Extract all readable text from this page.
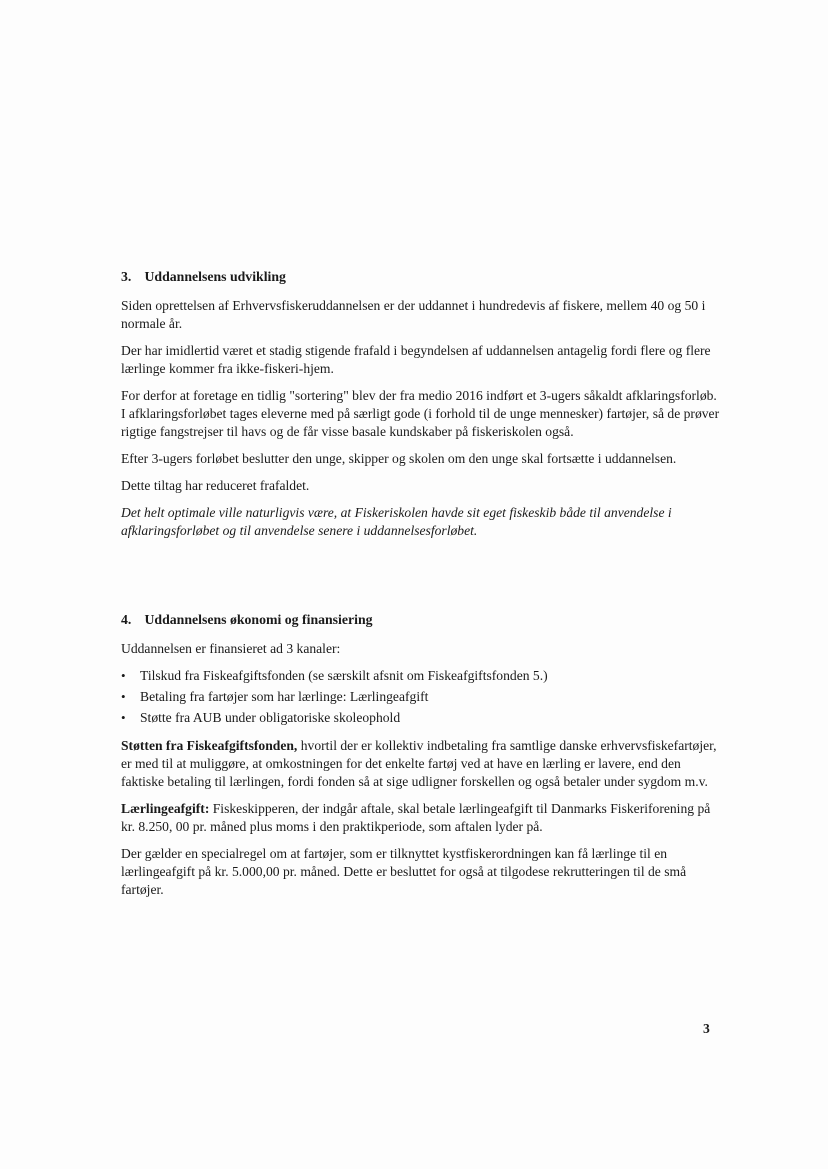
3. Uddannelsens udvikling

Siden oprettelsen af Erhvervsfiskeruddannelsen er der uddannet i hundredevis af fiskere, mellem 40 og 50 i normale år.

Der har imidlertid været et stadig stigende frafald i begyndelsen af uddannelsen antagelig fordi flere og flere lærlinge kommer fra ikke-fiskeri-hjem.

For derfor at foretage en tidlig "sortering" blev der fra medio 2016 indført et 3-ugers såkaldt afklaringsforløb. I afklaringsforløbet tages eleverne med på særligt gode (i forhold til de unge mennesker) fartøjer, så de prøver rigtige fangstrejser til havs og de får visse basale kundskaber på fiskeriskolen også.

Efter 3-ugers forløbet beslutter den unge, skipper og skolen om den unge skal fortsætte i uddannelsen.

Dette tiltag har reduceret frafaldet.

Det helt optimale ville naturligvis være, at Fiskeriskolen havde sit eget fiskeskib både til anvendelse i afklaringsforløbet og til anvendelse senere i uddannelsesforløbet.

4. Uddannelsens økonomi og finansiering

Uddannelsen er finansieret ad 3 kanaler:

• Tilskud fra Fiskeafgiftsfonden (se særskilt afsnit om Fiskeafgiftsfonden 5.)
• Betaling fra fartøjer som har lærlinge: Lærlingeafgift
• Støtte fra AUB under obligatoriske skoleophold

Støtten fra Fiskeafgiftsfonden, hvortil der er kollektiv indbetaling fra samtlige danske erhvervsfiskefartøjer, er med til at muliggøre, at omkostningen for det enkelte fartøj ved at have en lærling er lavere, end den faktiske betaling til lærlingen, fordi fonden så at sige udligner forskellen og også betaler under sygdom m.v.

Lærlingeafgift: Fiskeskipperen, der indgår aftale, skal betale lærlingeafgift til Danmarks Fiskeriforening på kr. 8.250, 00 pr. måned plus moms i den praktikperiode, som aftalen lyder på.

Der gælder en specialregel om at fartøjer, som er tilknyttet kystfiskerordningen kan få lærlinge til en lærlingeafgift på kr. 5.000,00 pr. måned. Dette er besluttet for også at tilgodese rekrutteringen til de små fartøjer.

3
